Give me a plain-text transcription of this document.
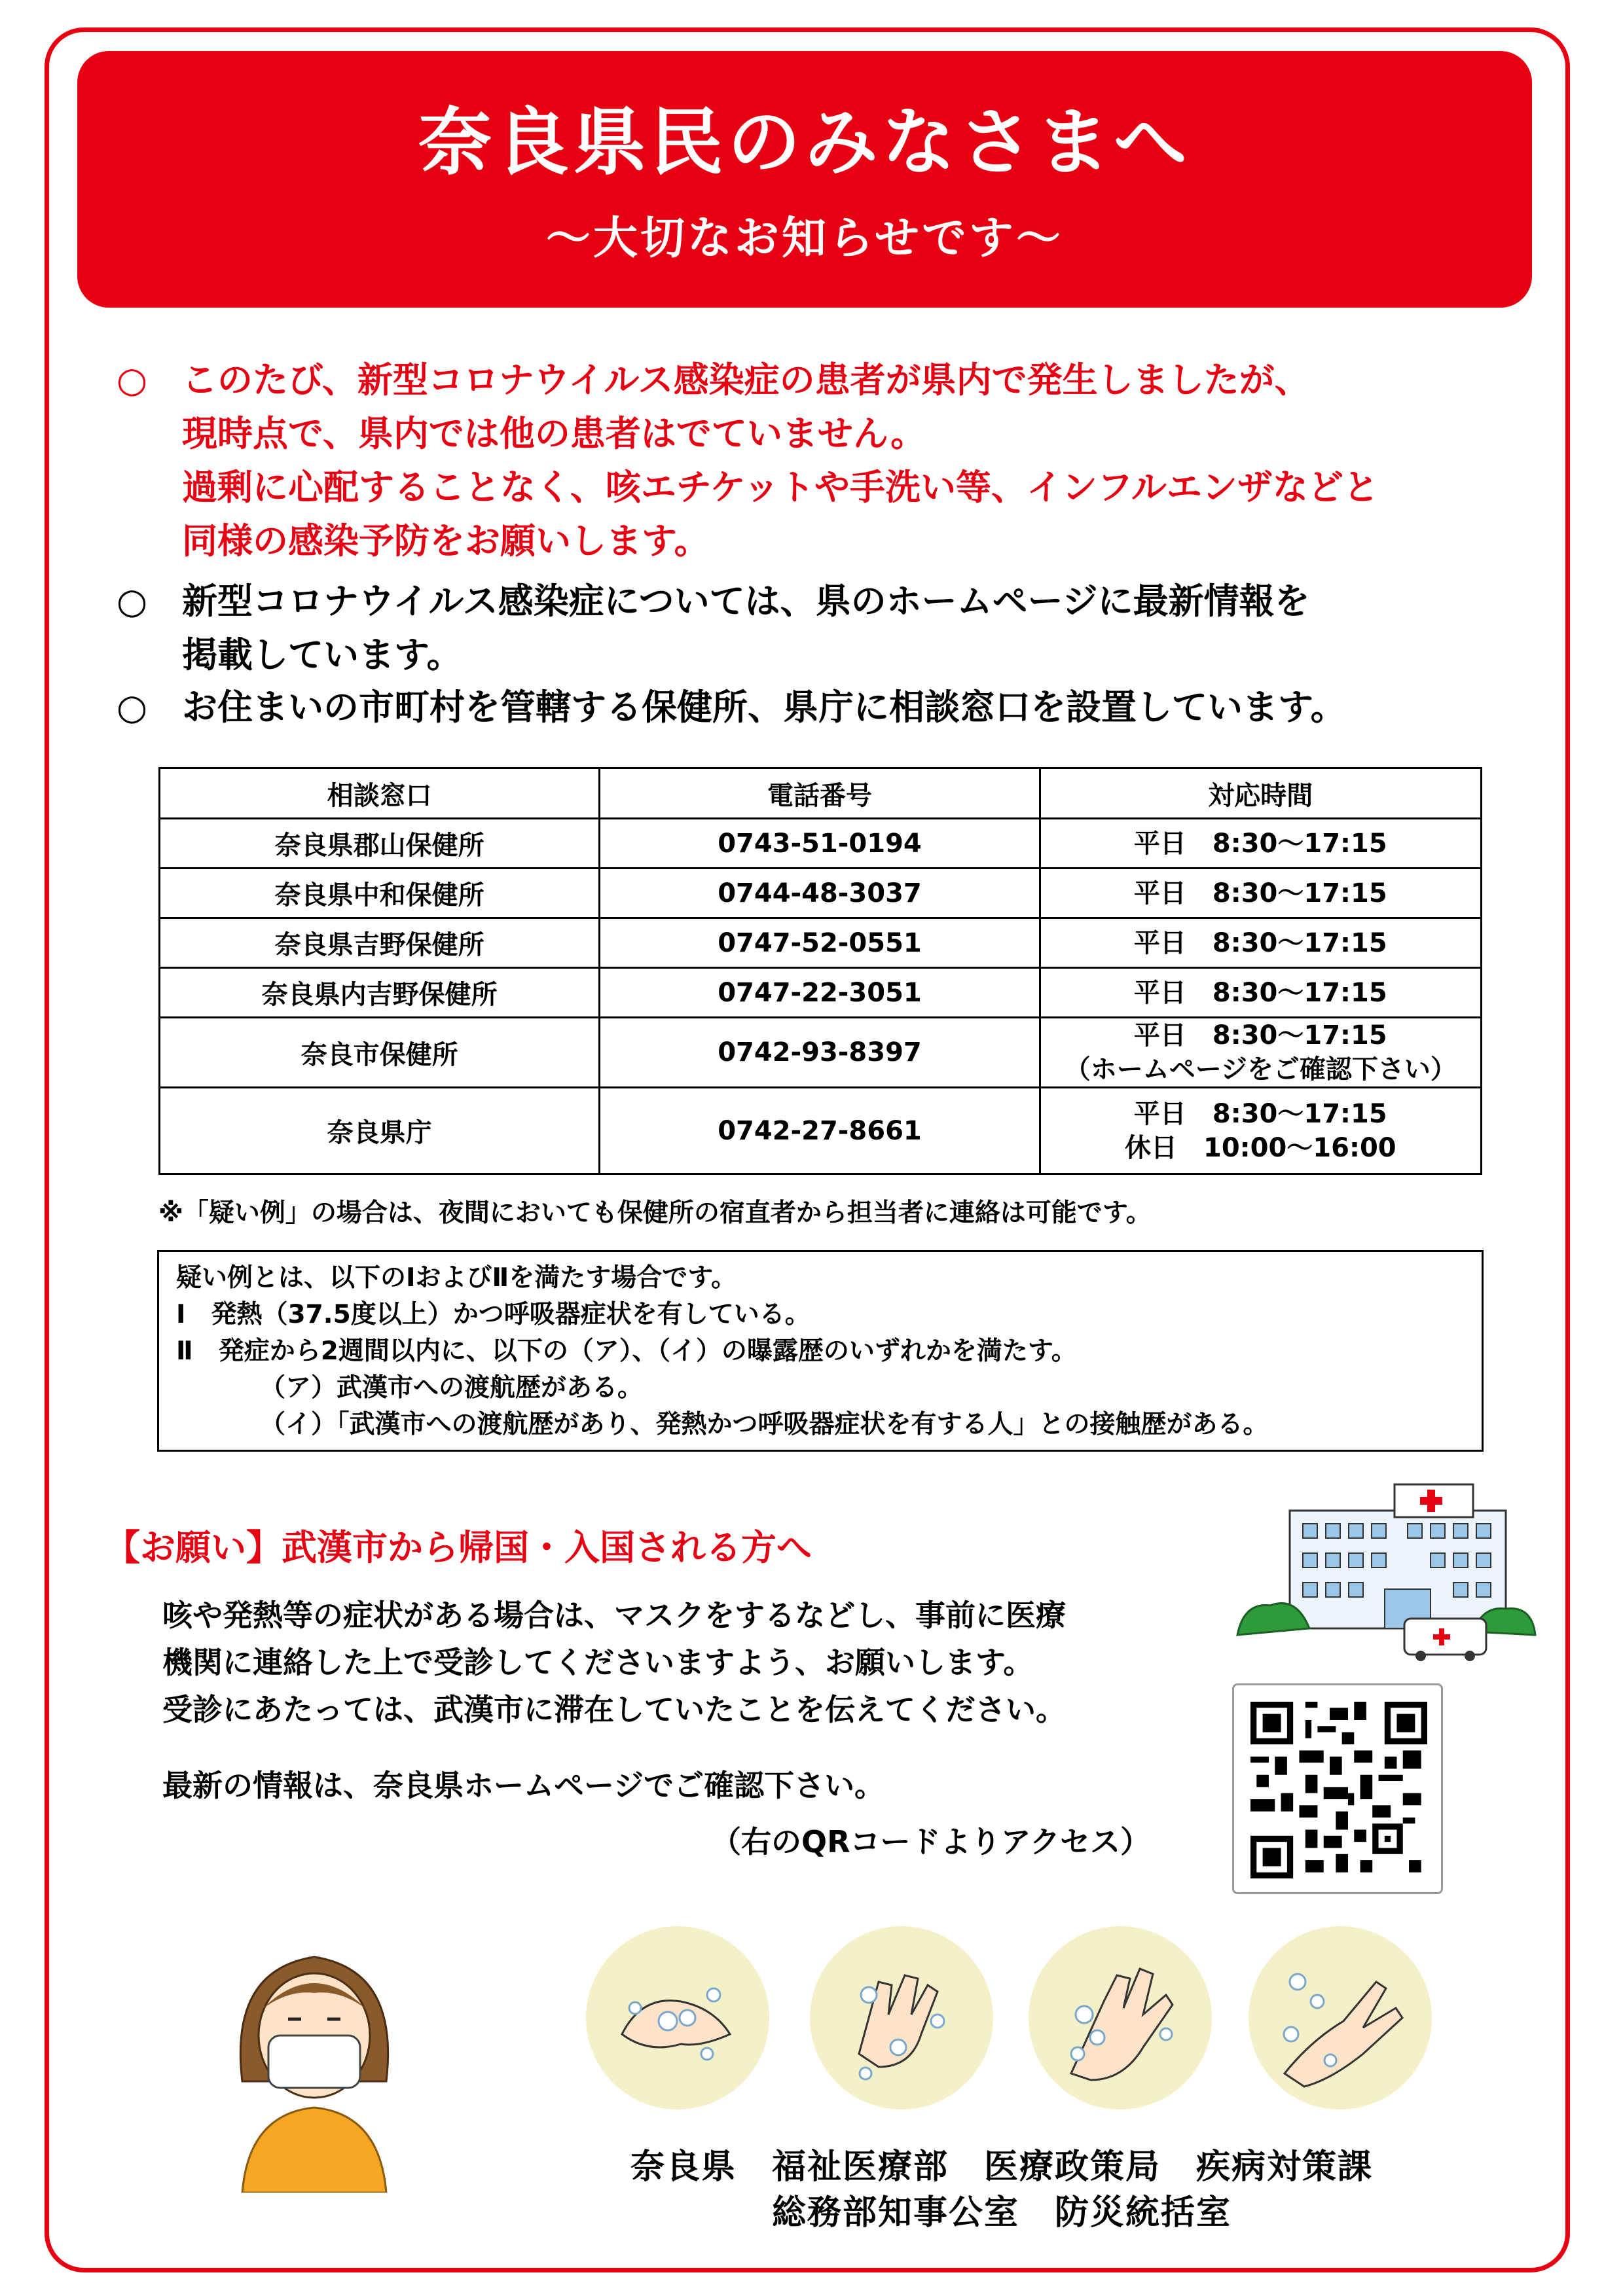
奈良県民のみなさまへ
〜大切なお知らせです〜
○ このたび、新型コロナウイルス感染症の患者が県内で発生しましたが、
現時点で、県内では他の患者はでていません。
過剰に心配することなく、咳エチケットや手洗い等、インフルエンザなどと
同様の感染予防をお願いします。
○ 新型コロナウイルス感染症については、県のホームページに最新情報を
掲載しています。
○ お住まいの市町村を管轄する保健所、県庁に相談窓口を設置しています。
相談窓口	電話番号	対応時間
奈良県郡山保健所	0743-51-0194	平日　8:30〜17:15

奈良県中和保健所	0744-48-3037	平日　8:30〜17:15

奈良県吉野保健所	0747-52-0551	平日　8:30〜17:15

奈良県内吉野保健所	0747-22-3051	平日　8:30〜17:15

奈良市保健所	0742-93-8397	平日　8:30〜17:15
（ホームページをご確認下さい）

奈良県庁	0742-27-8661	平日　8:30〜17:15
休日　10:00〜16:00
※「疑い例」の場合は、夜間においても保健所の宿直者から担当者に連絡は可能です。
疑い例とは、以下のⅠおよびⅡを満たす場合です。
Ⅰ　発熱（37.5度以上）かつ呼吸器症状を有している。
Ⅱ　発症から2週間以内に、以下の（ア）、（イ）の曝露歴のいずれかを満たす。
（ア）武漢市への渡航歴がある。
（イ）「武漢市への渡航歴があり、発熱かつ呼吸器症状を有する人」との接触歴がある。
【お願い】武漢市から帰国・入国される方へ
咳や発熱等の症状がある場合は、マスクをするなどし、事前に医療
機関に連絡した上で受診してくださいますよう、お願いします。
受診にあたっては、武漢市に滞在していたことを伝えてください。
最新の情報は、奈良県ホームページでご確認下さい。
（右のQRコードよりアクセス）
奈良県　福祉医療部　医療政策局　疾病対策課
総務部知事公室　防災統括室
